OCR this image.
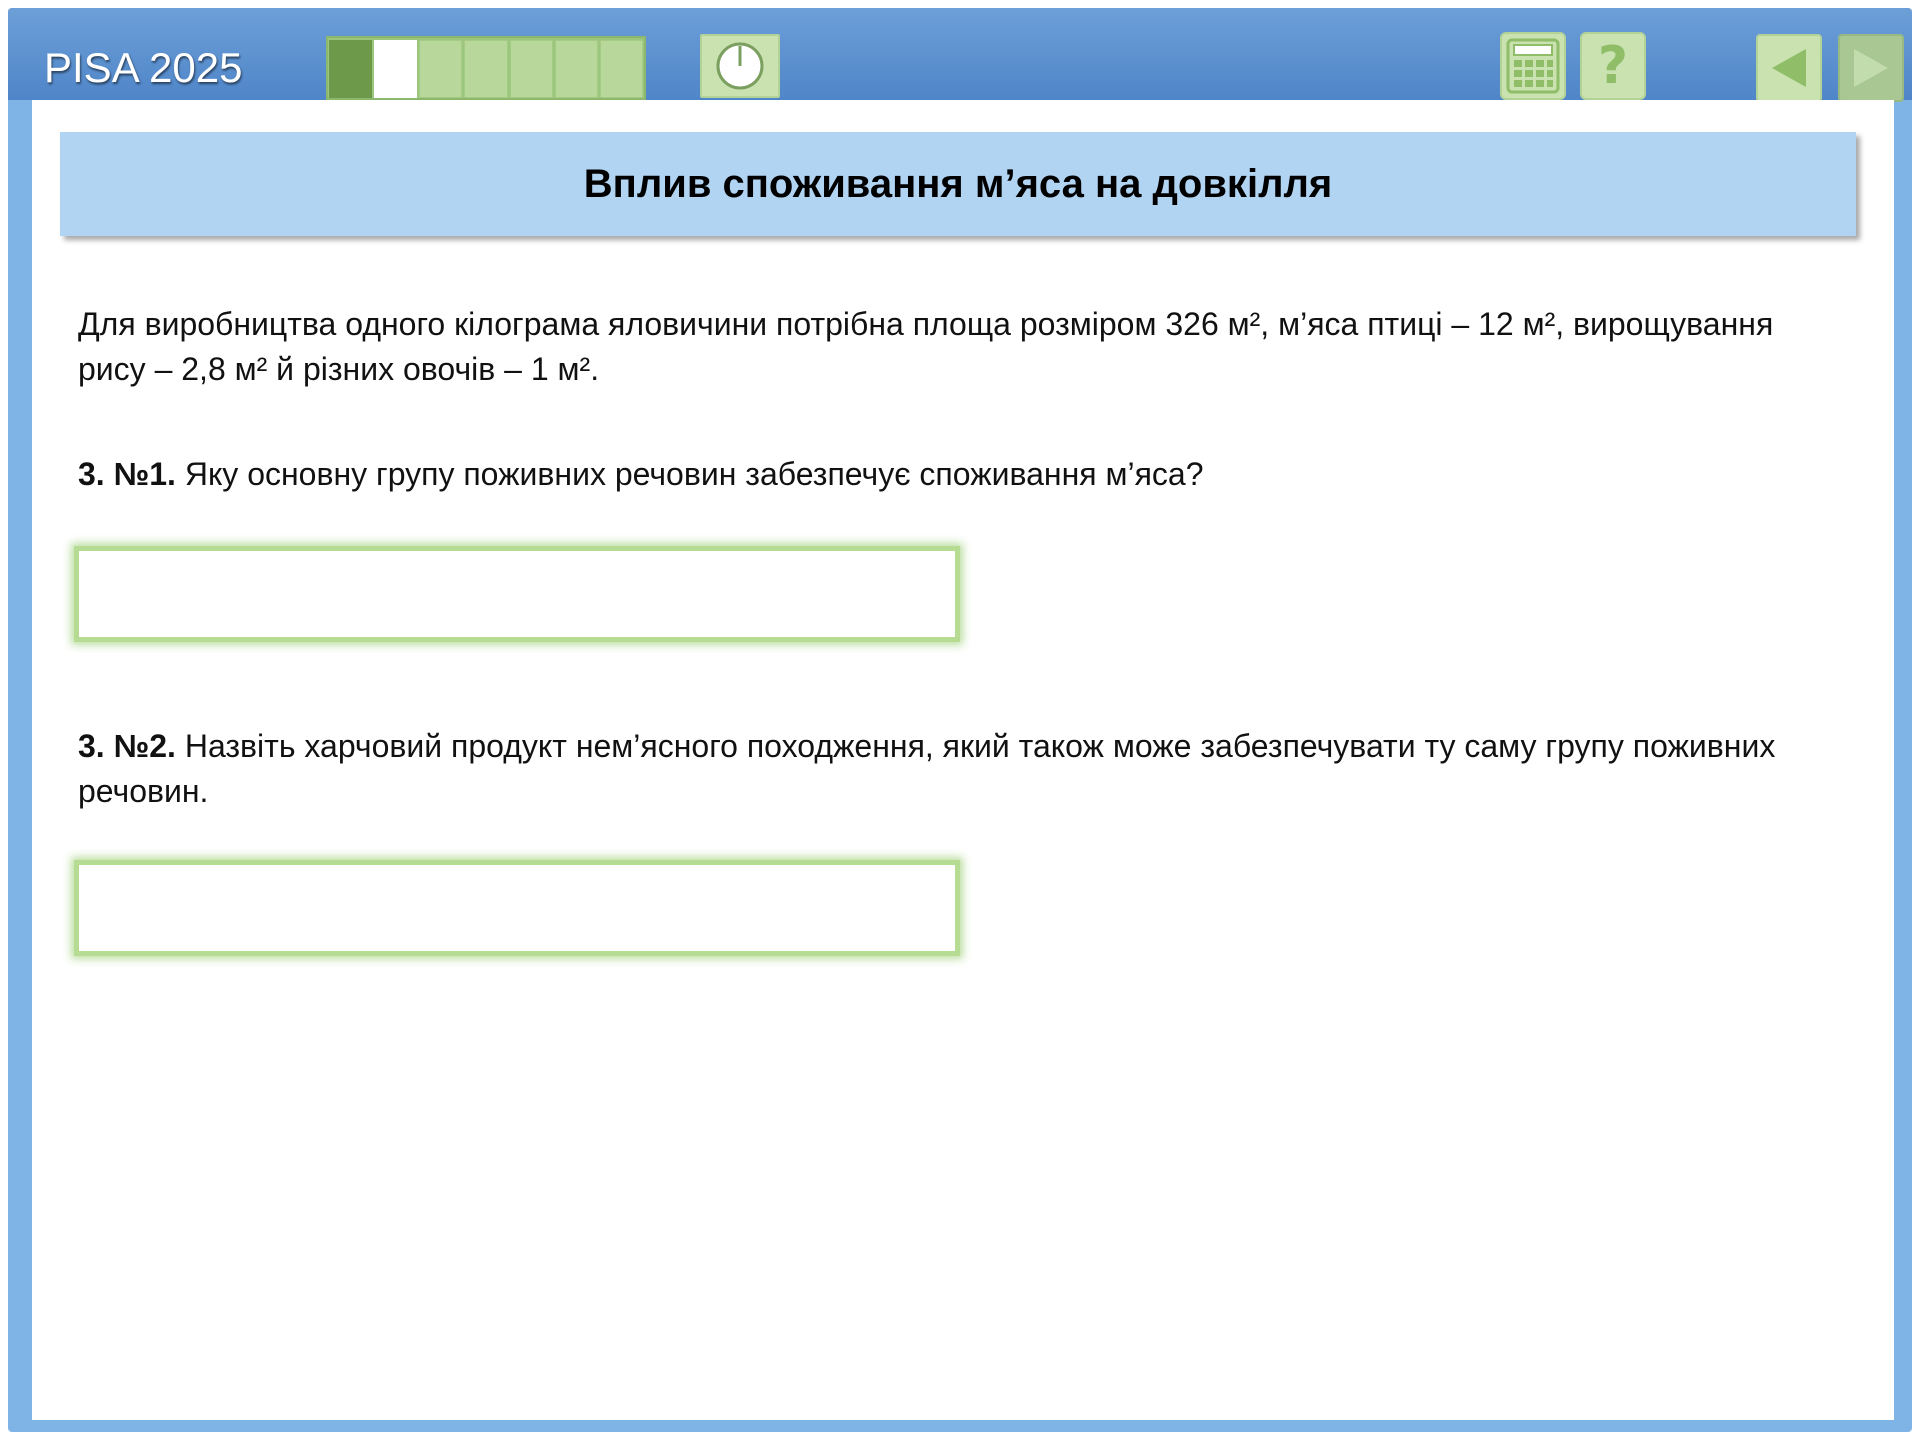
PISA 2025	?
Вплив споживання м’яса на довкілля
Для виробництва одного кілограма яловичини потрібна площа розміром 326 м², м’яса птиці – 12 м², вирощування рису – 2,8 м² й різних овочів – 1 м².
3. №1. Яку основну групу поживних речовин забезпечує споживання м’яса?
3. №2. Назвіть харчовий продукт нем’ясного походження, який також може забезпечувати ту саму групу поживних речовин.
